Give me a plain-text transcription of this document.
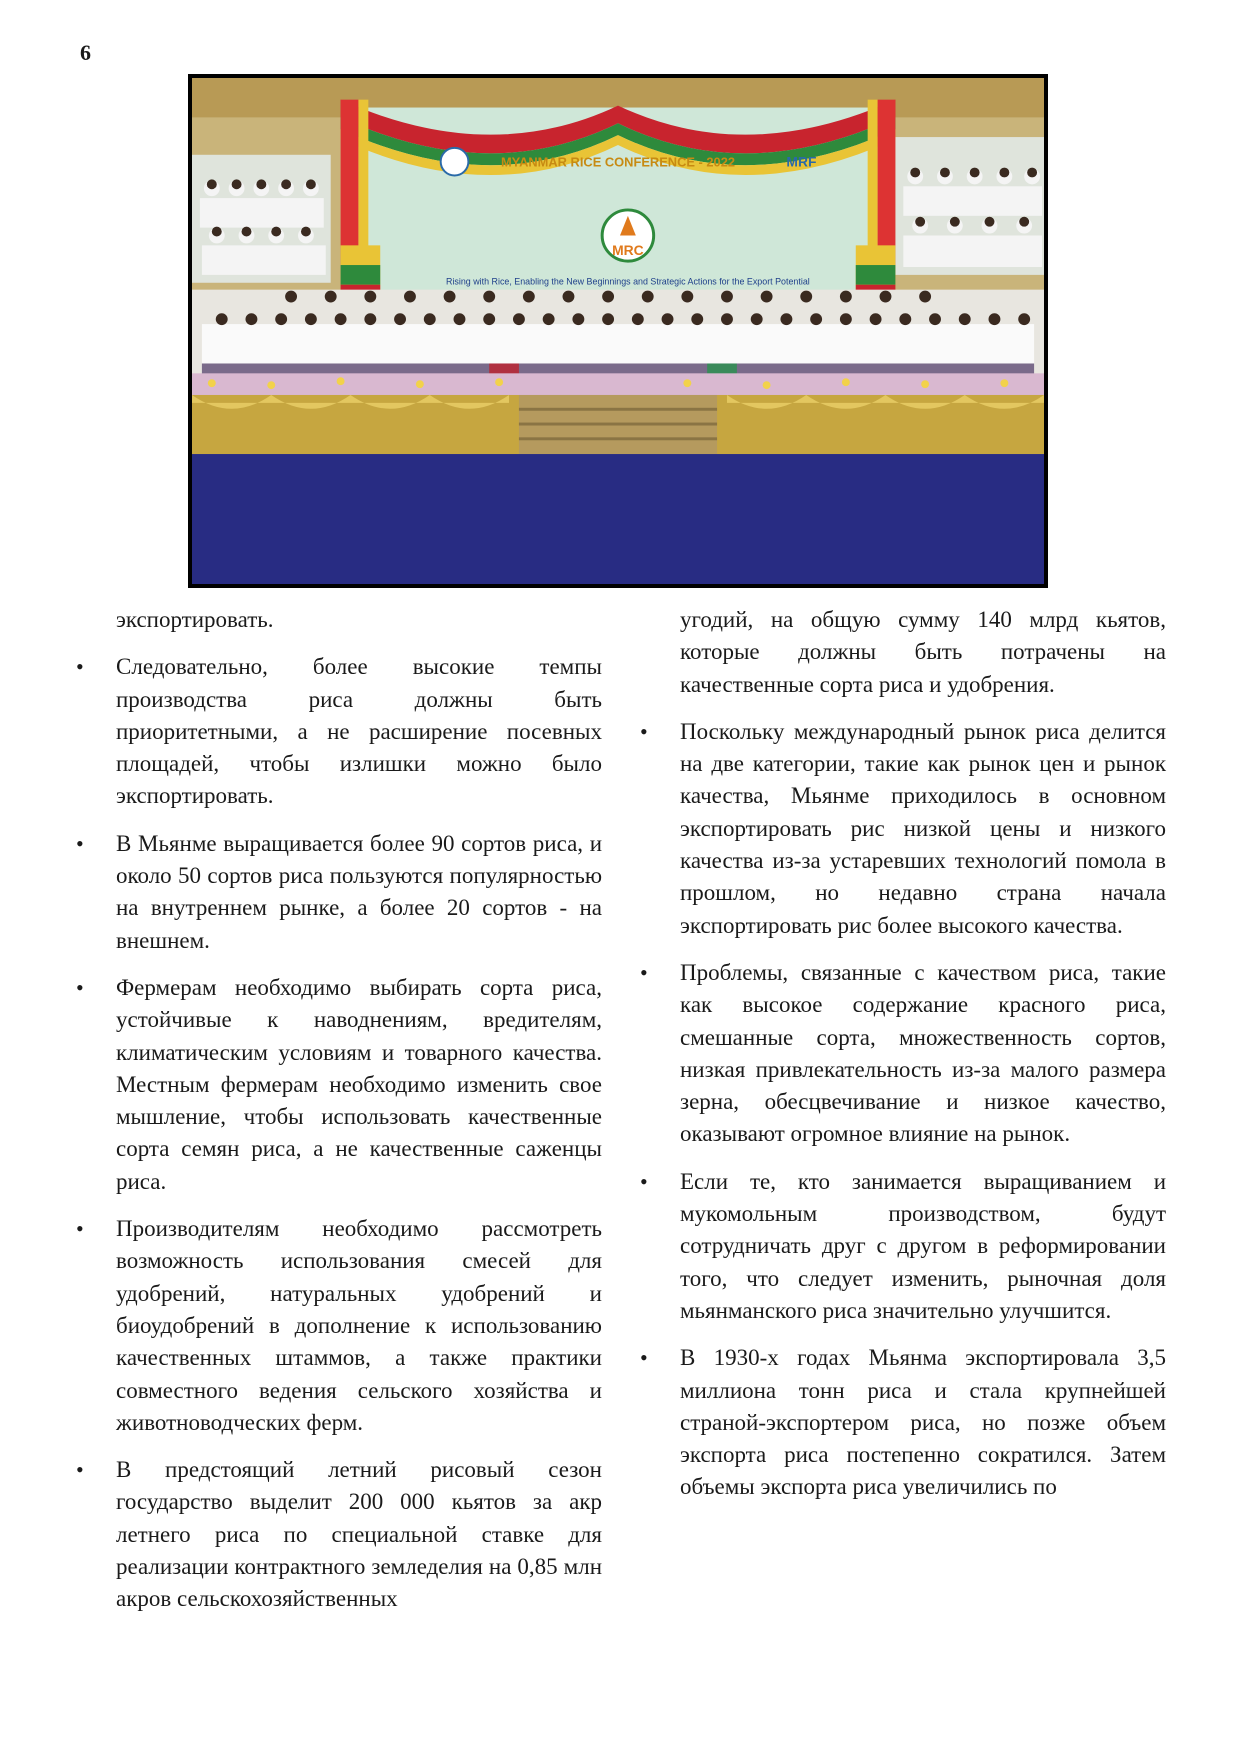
6
MYANMAR RICE CONFERENCE - 2022	MRF
MRC
Rising with Rice, Enabling the New Beginnings and Strategic Actions for the Export Potential

экспортировать.

• Следовательно, более высокие темпы производства риса должны быть приоритетными, а не расширение посевных площадей, чтобы излишки можно было экспортировать.
• В Мьянме выращивается более 90 сортов риса, и около 50 сортов риса пользуются популярностью на внутреннем рынке, а более 20 сортов - на внешнем.
• Фермерам необходимо выбирать сорта риса, устойчивые к наводнениям, вредителям, климатическим условиям и товарного качества. Местным фермерам необходимо изменить свое мышление, чтобы использовать качественные сорта семян риса, а не качественные саженцы риса.
• Производителям необходимо рассмотреть возможность использования смесей для удобрений, натуральных удобрений и биоудобрений в дополнение к использованию качественных штаммов, а также практики совместного ведения сельского хозяйства и животноводческих ферм.
• В предстоящий летний рисовый сезон государство выделит 200 000 кьятов за акр летнего риса по специальной ставке для реализации контрактного земледелия на 0,85 млн акров сельскохозяйственных

угодий, на общую сумму 140 млрд кьятов, которые должны быть потрачены на качественные сорта риса и удобрения.

• Поскольку международный рынок риса делится на две категории, такие как рынок цен и рынок качества, Мьянме приходилось в основном экспортировать рис низкой цены и низкого качества из-за устаревших технологий помола в прошлом, но недавно страна начала экспортировать рис более высокого качества.
• Проблемы, связанные с качеством риса, такие как высокое содержание красного риса, смешанные сорта, множественность сортов, низкая привлекательность из-за малого размера зерна, обесцвечивание и низкое качество, оказывают огромное влияние на рынок.
• Если те, кто занимается выращиванием и мукомольным производством, будут сотрудничать друг с другом в реформировании того, что следует изменить, рыночная доля мьянманского риса значительно улучшится.
• В 1930-х годах Мьянма экспортировала 3,5 миллиона тонн риса и стала крупнейшей страной-экспортером риса, но позже объем экспорта риса постепенно сократился. Затем объемы экспорта риса увеличились по
